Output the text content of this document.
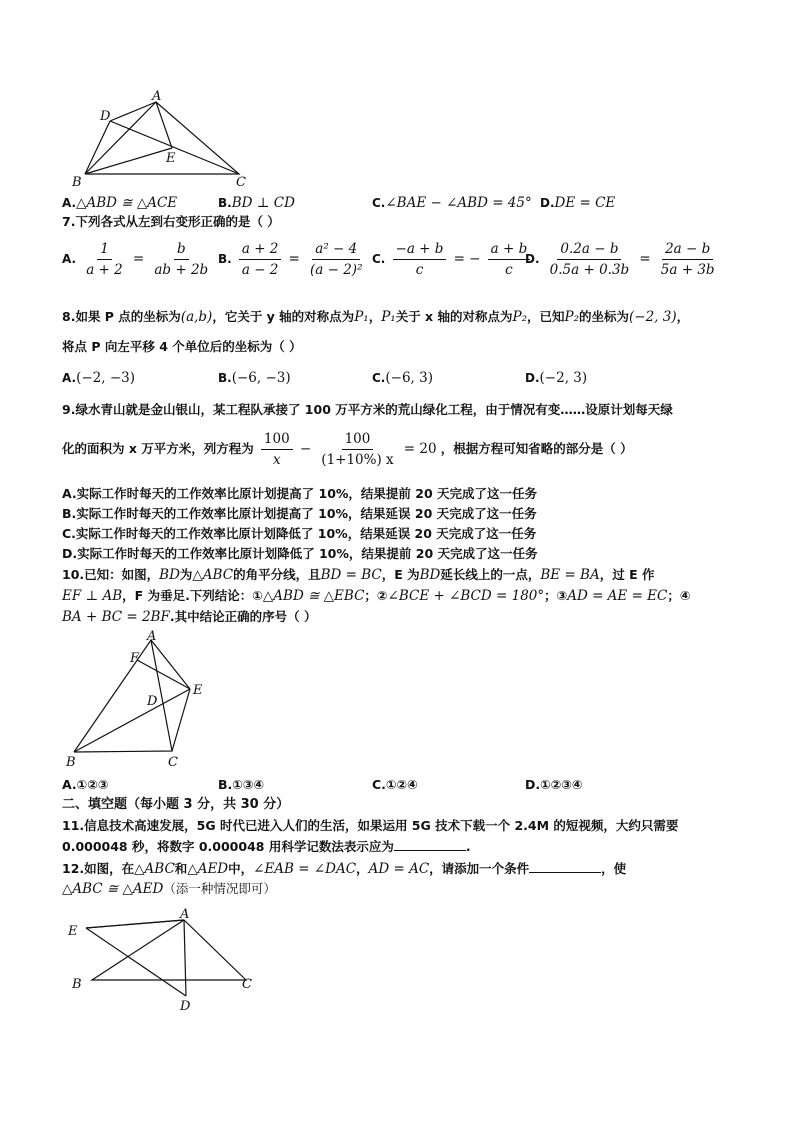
D
A
E
B	C
A.△ABD ≅ △ACE	B.BD ⊥ CD	C.∠BAE − ∠ABD = 45° D.DE = CE
7.下列各式从左到右变形正确的是（ ）
A. $\frac{1}{a + 2} = \frac{b}{ab + 2b} B$. $\frac{a + 2}{a - 2} = \frac{\text{a² − 4}}{\text{(a − 2)²}} C$. $\frac{-a + b}{c}$ = − $\frac{a + b}{c}$
D. $\frac{0.2a - b}{0.5a + 0.3b} = \frac{2a - b}{5a + 3b}$
8.如果 P 点的坐标为(a,b)，它关于 y 轴的对称点为P₁，P₁关于 x 轴的对称点为P₂，已知P₂的坐标为(−2, 3)，
将点 P 向左平移 4 个单位后的坐标为（ ）
A.(−2, −3)	B.(−6, −3)	C.(−6, 3)	D.(−2, 3)
9.绿水青山就是金山银山，某工程队承接了 100 万平方米的荒山绿化工程，由于情况有变……设原计划每天绿
化的面积为 x 万平方米，列方程为 $\frac{100}{x} - \frac{100}{(1+10\%) x} = 20$ ，根据方程可知省略的部分是（ ）
A.实际工作时每天的工作效率比原计划提高了 10%，结果提前 20 天完成了这一任务
B.实际工作时每天的工作效率比原计划提高了 10%，结果延误 20 天完成了这一任务
C.实际工作时每天的工作效率比原计划降低了 10%，结果延误 20 天完成了这一任务
D.实际工作时每天的工作效率比原计划降低了 10%，结果提前 20 天完成了这一任务
10.已知：如图，BD为△ABC的角平分线，且BD = BC，E 为BD延长线上的一点，BE = BA，过 E 作
EF ⊥ AB，F 为垂足.下列结论：①△ABD ≅ △EBC；②∠BCE + ∠BCD = 180°；③AD = AE = EC；④
BA + BC = 2BF.其中结论正确的序号（ ）
A
F
E
D
B	C
A.①②③	B.①③④	C.①②④	D.①②③④
二、填空题（每小题 3 分，共 30 分）
11.信息技术高速发展，5G 时代已进入人们的生活，如果运用 5G 技术下载一个 2.4M 的短视频，大约只需要
0.000048 秒，将数字 0.000048 用科学记数法表示应为	.
12.如图，在△ABC和△AED中，∠EAB = ∠DAC，AD = AC，请添加一个条件	，使
△ABC ≅ △AED（添一种情况即可）
E
A
B	C
D
